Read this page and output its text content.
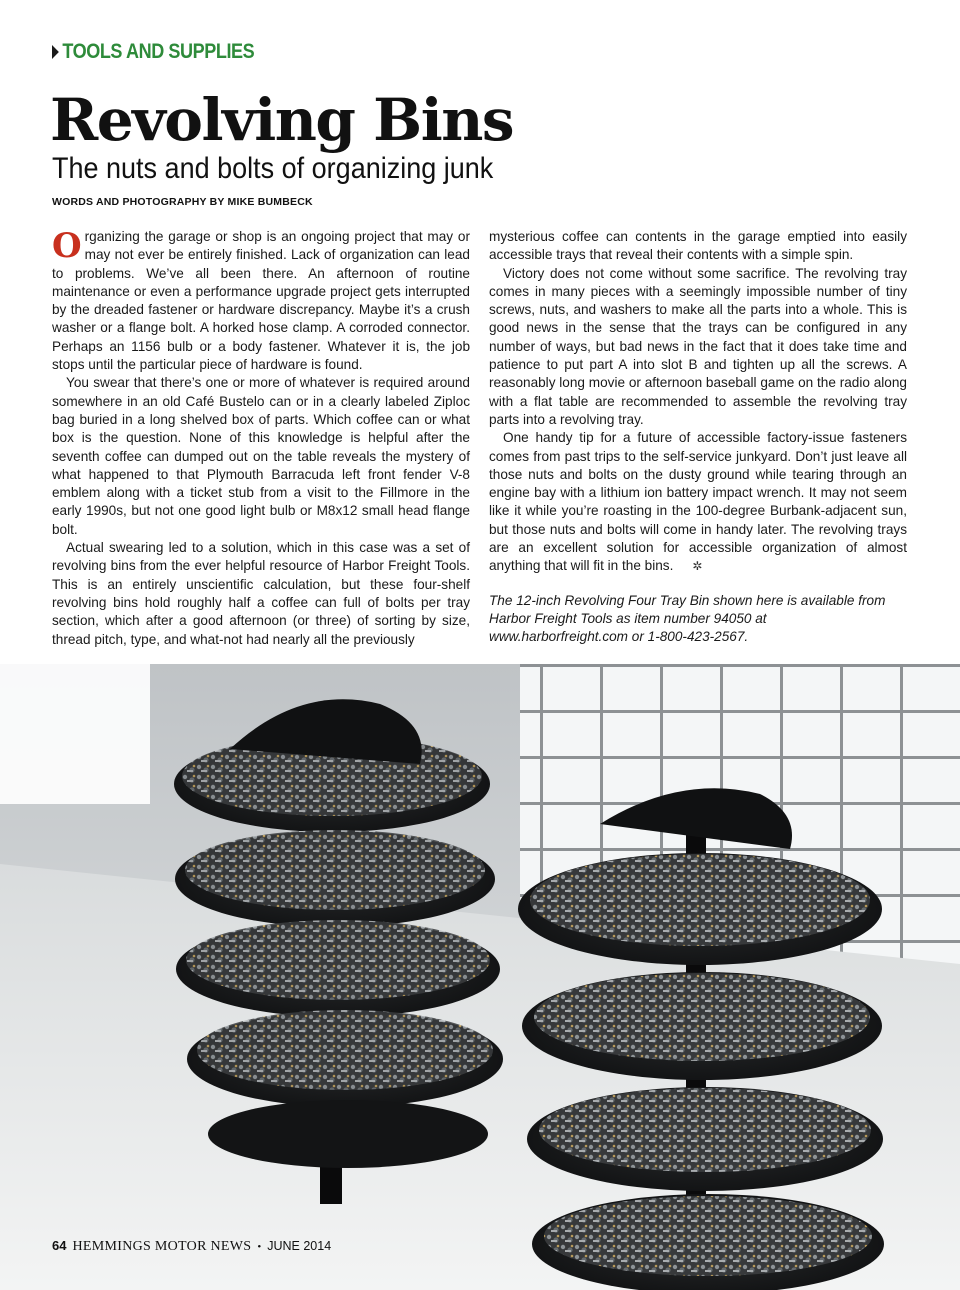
TOOLS AND SUPPLIES
Revolving Bins
The nuts and bolts of organizing junk
WORDS AND PHOTOGRAPHY BY MIKE BUMBECK

Organizing the garage or shop is an ongoing project that may or may not ever be entirely finished. Lack of organization can lead to problems. We’ve all been there. An afternoon of routine maintenance or even a performance upgrade project gets interrupted by the dreaded fastener or hardware discrepancy. Maybe it’s a crush washer or a flange bolt. A horked hose clamp. A corroded connector. Perhaps an 1156 bulb or a body fastener. Whatever it is, the job stops until the particular piece of hardware is found.

You swear that there’s one or more of whatever is required around somewhere in an old Café Bustelo can or in a clearly labeled Ziploc bag buried in a long shelved box of parts. Which coffee can or what box is the question. None of this knowledge is helpful after the seventh coffee can dumped out on the table reveals the mystery of what happened to that Plymouth Barracuda left front fender V-8 emblem along with a ticket stub from a visit to the Fillmore in the early 1990s, but not one good light bulb or M8x12 small head flange bolt.

Actual swearing led to a solution, which in this case was a set of revolving bins from the ever helpful resource of Harbor Freight Tools. This is an entirely unscientific calculation, but these four-shelf revolving bins hold roughly half a coffee can full of bolts per tray section, which after a good afternoon (or three) of sorting by size, thread pitch, type, and what-not had nearly all the previously

mysterious coffee can contents in the garage emptied into easily accessible trays that reveal their contents with a simple spin.

Victory does not come without some sacrifice. The revolving tray comes in many pieces with a seemingly impossible number of tiny screws, nuts, and washers to make all the parts into a whole. This is good news in the sense that the trays can be configured in any number of ways, but bad news in the fact that it does take time and patience to put part A into slot B and tighten up all the screws. A reasonably long movie or afternoon baseball game on the radio along with a flat table are recommended to assemble the revolving tray parts into a revolving tray.

One handy tip for a future of accessible factory-issue fasteners comes from past trips to the self-service junkyard. Don’t just leave all those nuts and bolts on the dusty ground while tearing through an engine bay with a lithium ion battery impact wrench. It may not seem like it while you’re roasting in the 100-degree Burbank-adjacent sun, but those nuts and bolts will come in handy later. The revolving trays are an excellent solution for accessible organization of almost anything that will fit in the bins. ✲

The 12-inch Revolving Four Tray Bin shown here is available from Harbor Freight Tools as item number 94050 at www.harborfreight.com or 1-800-423-2567.

64 HEMMINGS MOTOR NEWS • JUNE 2014
